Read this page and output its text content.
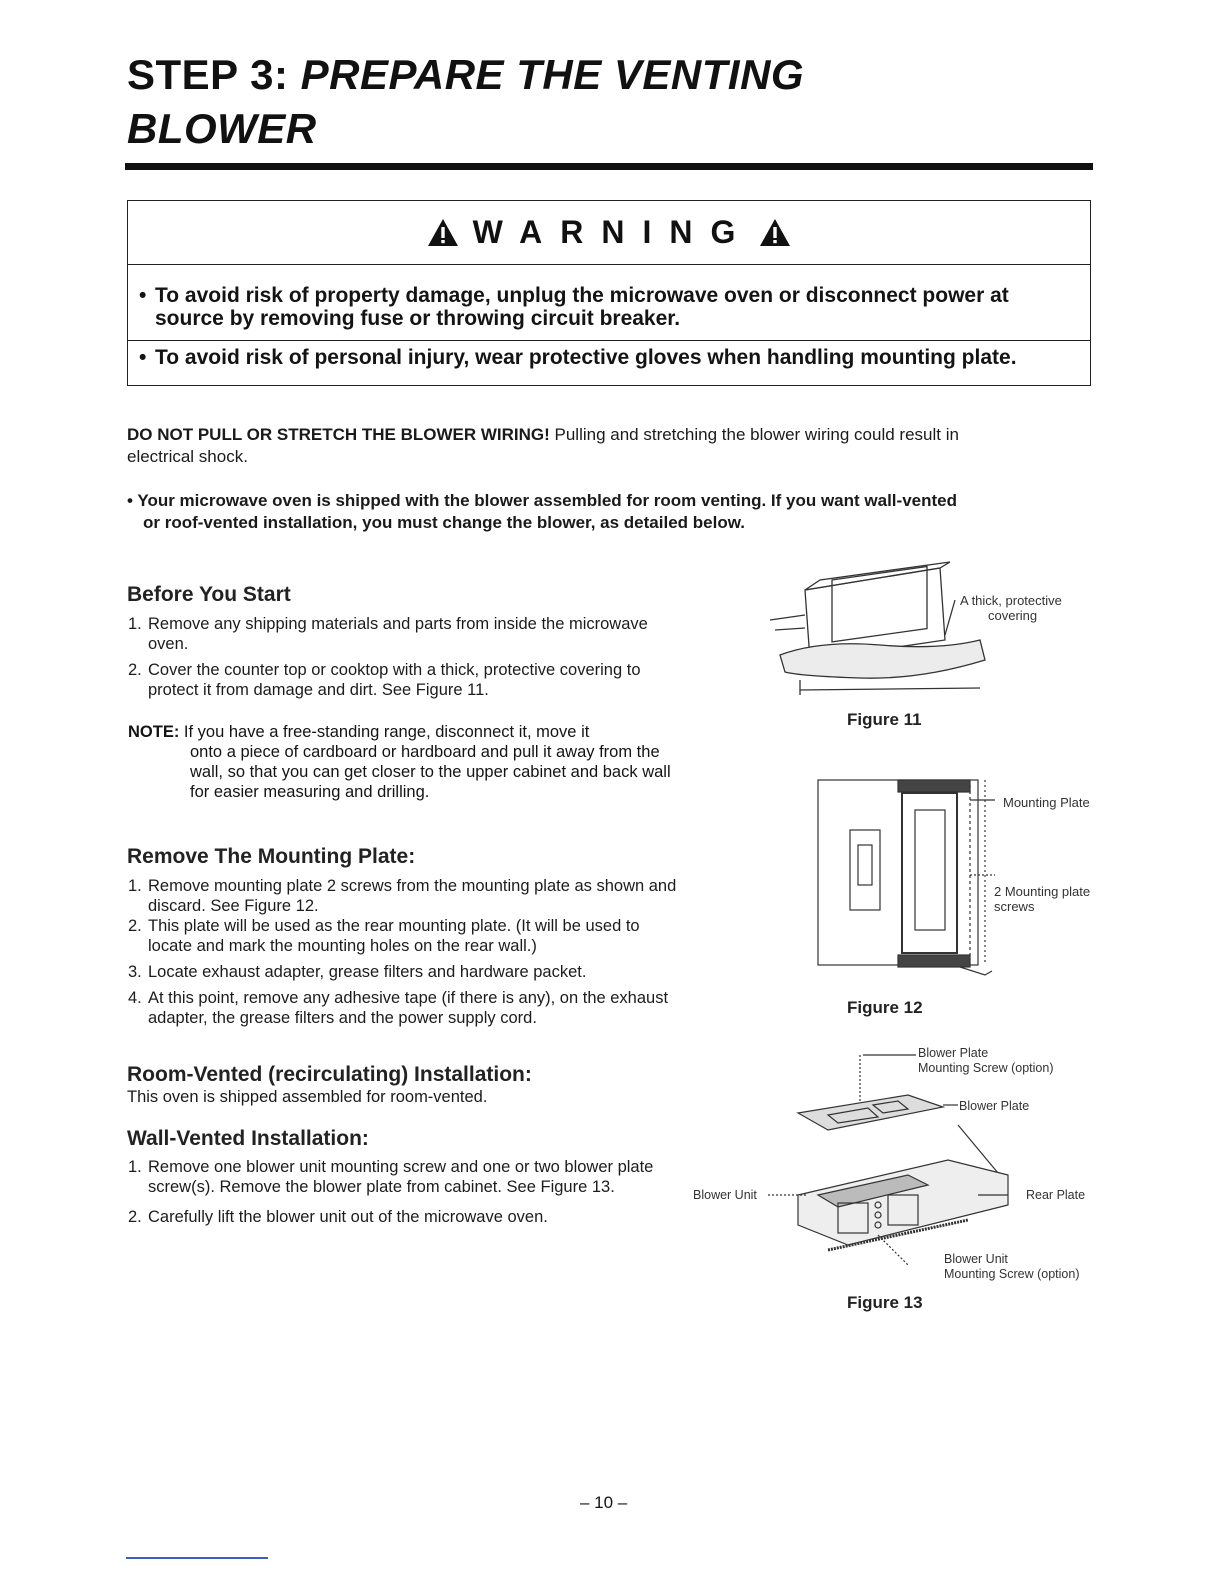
STEP 3: PREPARE THE VENTING
BLOWER
WARNING
• To avoid risk of property damage, unplug the microwave oven or disconnect power at
source by removing fuse or throwing circuit breaker.
• To avoid risk of personal injury, wear protective gloves when handling mounting plate.
DO NOT PULL OR STRETCH THE BLOWER WIRING! Pulling and stretching the blower wiring could result in
electrical shock.
• Your microwave oven is shipped with the blower assembled for room venting. If you want wall-vented
or roof-vented installation, you must change the blower, as detailed below.
Before You Start
1. Remove any shipping materials and parts from inside the microwave oven.
2. Cover the counter top or cooktop with a thick, protective covering to protect it from damage and dirt. See Figure 11.
NOTE: If you have a free-standing range, disconnect it, move it
onto a piece of cardboard or hardboard and pull it away from the wall, so that you can get closer to the upper cabinet and back wall for easier measuring and drilling.
Remove The Mounting Plate:
1. Remove mounting plate 2 screws from the mounting plate as shown and discard. See Figure 12.
2. This plate will be used as the rear mounting plate. (It will be used to locate and mark the mounting holes on the rear wall.)
3. Locate exhaust adapter, grease filters and hardware packet.
4. At this point, remove any adhesive tape (if there is any), on the exhaust adapter, the grease filters and the power supply cord.
Room-Vented (recirculating) Installation:
This oven is shipped assembled for room-vented.
Wall-Vented Installation:
1. Remove one blower unit mounting screw and one or two blower plate screw(s). Remove the blower plate from cabinet. See Figure 13.
2. Carefully lift the blower unit out of the microwave oven.
A thick, protective
covering
Figure 11
Mounting Plate
2 Mounting plate
screws
Figure 12
Blower Plate
Mounting Screw (option)
Blower Plate
Blower Unit	Rear Plate
Blower Unit
Mounting Screw (option)
Figure 13
– 10 –
